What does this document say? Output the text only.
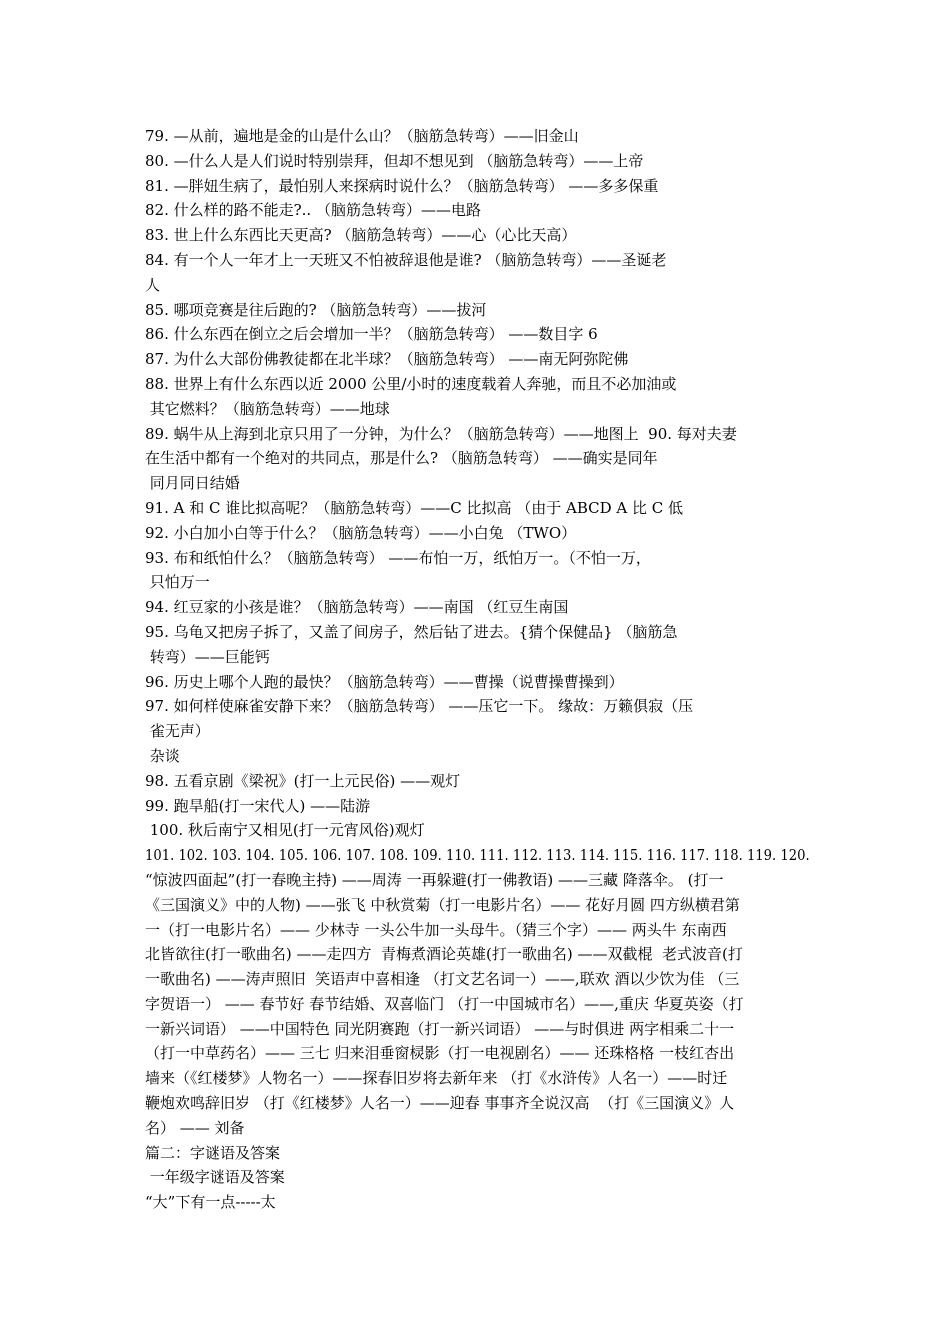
79. —从前，遍地是金的山是什么山？（脑筋急转弯）——旧金山
80. —什么人是人们说时特别崇拜，但却不想见到 （脑筋急转弯）——上帝
81. —胖妞生病了，最怕别人来探病时说什么？（脑筋急转弯） ——多多保重
82. 什么样的路不能走?.. （脑筋急转弯）——电路
83. 世上什么东西比天更高? （脑筋急转弯）——心（心比天高）
84. 有一个人一年才上一天班又不怕被辞退他是谁? （脑筋急转弯）——圣诞老
人
85. 哪项竞赛是往后跑的? （脑筋急转弯）——拔河
86. 什么东西在倒立之后会增加一半？（脑筋急转弯） ——数目字 6
87. 为什么大部份佛教徒都在北半球？（脑筋急转弯） ——南无阿弥陀佛
88. 世界上有什么东西以近 2000 公里/小时的速度载着人奔驰，而且不必加油或
其它燃料？（脑筋急转弯）——地球
89. 蜗牛从上海到北京只用了一分钟，为什么？（脑筋急转弯）——地图上  90. 每对夫妻
在生活中都有一个绝对的共同点，那是什么? （脑筋急转弯） ——确实是同年
同月同日结婚
91. A 和 C 谁比拟高呢？（脑筋急转弯）——C 比拟高 （由于 ABCD A 比 C 低
92. 小白加小白等于什么？（脑筋急转弯）——小白兔 （TWO）
93. 布和纸怕什么？（脑筋急转弯） ——布怕一万，纸怕万一。（不怕一万，
只怕万一
94. 红豆家的小孩是谁？（脑筋急转弯）——南国 （红豆生南国
95. 乌龟又把房子拆了，又盖了间房子，然后钻了进去。{猜个保健品} （脑筋急
转弯）——巨能钙
96. 历史上哪个人跑的最快？（脑筋急转弯）——曹操（说曹操曹操到）
97. 如何样使麻雀安静下来？（脑筋急转弯） ——压它一下。 缘故：万籁俱寂（压
雀无声）
杂谈
98. 五看京剧《梁祝》(打一上元民俗) ——观灯
99. 跑旱船(打一宋代人) ——陆游
100. 秋后南宁又相见(打一元宵风俗)观灯
101. 102. 103. 104. 105. 106. 107. 108. 109. 110. 111. 112. 113. 114. 115. 116. 117. 118. 119. 120.
“惊波四面起”(打一春晚主持) ——周涛 一再躲避(打一佛教语) ——三藏 降落伞。 (打一
《三国演义》中的人物) ——张飞 中秋赏菊（打一电影片名）—— 花好月圆 四方纵横君第
一（打一电影片名）—— 少林寺 一头公牛加一头母牛。（猜三个字）—— 两头牛 东南西
北皆欲往(打一歌曲名) ——走四方  青梅煮酒论英雄(打一歌曲名) ——双截棍  老式波音(打
一歌曲名) ——涛声照旧  笑语声中喜相逢 （打文艺名词一）——,联欢 酒以少饮为佳 （三
字贺语一） —— 春节好 春节结婚、双喜临门 （打一中国城市名）——,重庆 华夏英姿（打
一新兴词语） ——中国特色 同光阴赛跑（打一新兴词语） ——与时俱进 两字相乘二十一
（打一中草药名）—— 三七 归来泪垂窗棂影（打一电视剧名）—— 还珠格格 一枝红杏出
墙来（《红楼梦》人物名一）——探春旧岁将去新年来 （打《水浒传》人名一）——时迁
鞭炮欢鸣辞旧岁 （打《红楼梦》人名一）——迎春 事事齐全说汉高  （打《三国演义》人
名） —— 刘备
篇二：字谜语及答案
一年级字谜语及答案
“大”下有一点-----太
